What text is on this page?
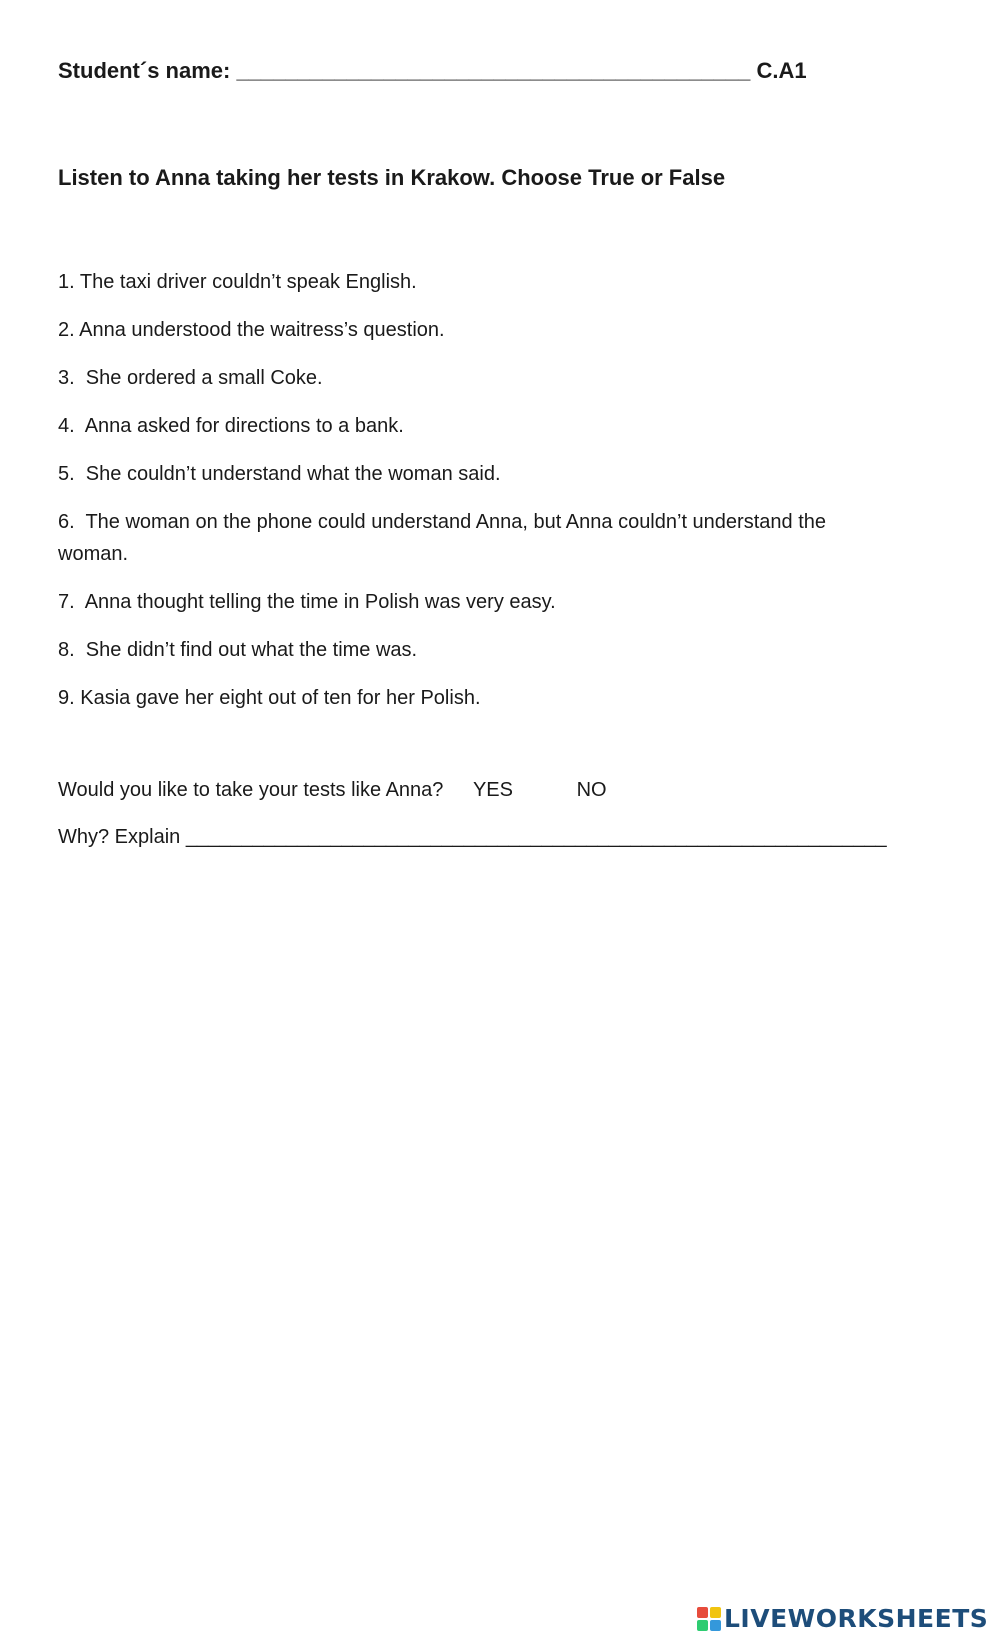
Student´s name: __________________________________________ C.A1
Listen to Anna taking her tests in Krakow. Choose True or False
1. The taxi driver couldn’t speak English.
2. Anna understood the waitress’s question.
3.  She ordered a small Coke.
4.  Anna asked for directions to a bank.
5.  She couldn’t understand what the woman said.
6.  The woman on the phone could understand Anna, but Anna couldn’t understand the woman.
7.  Anna thought telling the time in Polish was very easy.
8.  She didn’t find out what the time was.
9. Kasia gave her eight out of ten for her Polish.
Would you like to take your tests like Anna? YES	NO
Why? Explain _______________________________________________________________
LIVEWORKSHEETS
